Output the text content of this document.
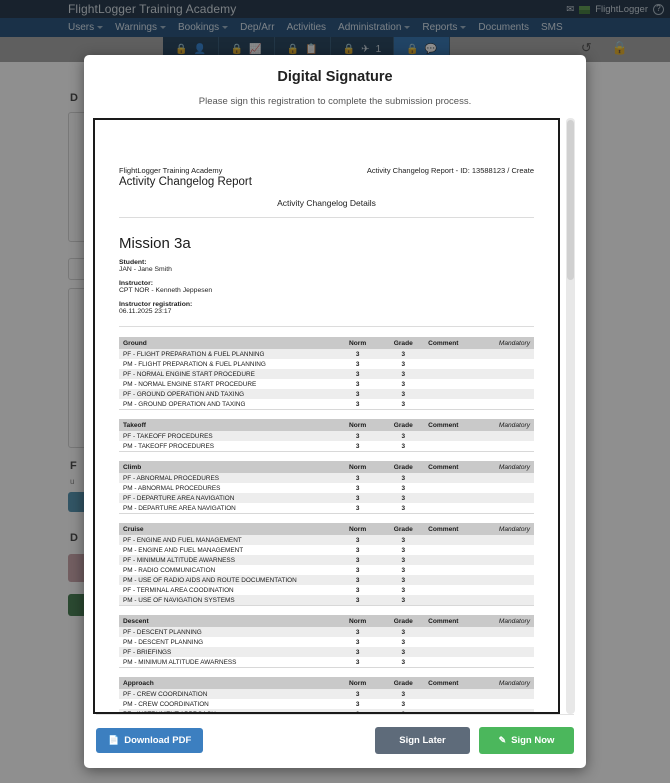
Digital Signature
Please sign this registration to complete the submission process.
FlightLogger Training Academy	Activity Changelog Report - ID: 13588123 / Create
Activity Changelog Report
Activity Changelog Details
Mission 3a
Student:
JAN - Jane Smith
Instructor:
CPT NOR - Kenneth Jeppesen
Instructor registration:
06.11.2025 23:17
Ground	Norm	Grade	Comment	Mandatory
PF - FLIGHT PREPARATION & FUEL PLANNING	3	3		
PM - FLIGHT PREPARATION & FUEL PLANNING	3	3		
PF - NORMAL ENGINE START PROCEDURE	3	3		
PM - NORMAL ENGINE START PROCEDURE	3	3		
PF - GROUND OPERATION AND TAXING	3	3		
PM - GROUND OPERATION AND TAXING	3	3		
Takeoff	Norm	Grade	Comment	Mandatory
PF - TAKEOFF PROCEDURES	3	3		
PM - TAKEOFF PROCEDURES	3	3		
Climb	Norm	Grade	Comment	Mandatory
PF - ABNORMAL PROCEDURES	3	3		
PM - ABNORMAL PROCEDURES	3	3		
PF - DEPARTURE AREA NAVIGATION	3	3		
PM - DEPARTURE AREA NAVIGATION	3	3		
Cruise	Norm	Grade	Comment	Mandatory
PF - ENGINE AND FUEL MANAGEMENT	3	3		
PM - ENGINE AND FUEL MANAGEMENT	3	3		
PF - MINIMUM ALTITUDE AWARNESS	3	3		
PM - RADIO COMMUNICATION	3	3		
PM - USE OF RADIO AIDS AND ROUTE DOCUMENTATION	3	3		
PF - TERMINAL AREA COODINATION	3	3		
PM - USE OF NAVIGATION SYSTEMS	3	3		
Descent	Norm	Grade	Comment	Mandatory
PF - DESCENT PLANNING	3	3		
PM - DESCENT PLANNING	3	3		
PF - BRIEFINGS	3	3		
PM - MINIMUM ALTITUDE AWARNESS	3	3		
Approach	Norm	Grade	Comment	Mandatory
PF - CREW COORDINATION	3	3		
PM - CREW COORDINATION	3	3		
PF - INSTRUMENT APPROACH	3	3		

📄 Download PDF	Sign Later	✎ Sign Now
